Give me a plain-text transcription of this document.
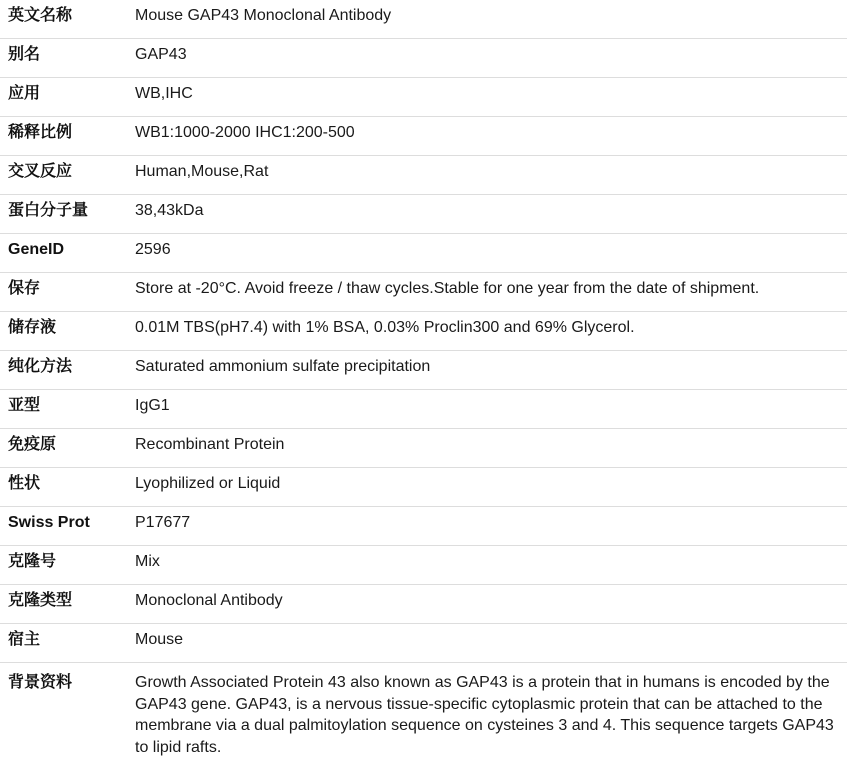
英文名称	Mouse GAP43 Monoclonal Antibody
别名	GAP43
应用	WB,IHC
稀释比例	WB1:1000-2000 IHC1:200-500
交叉反应	Human,Mouse,Rat
蛋白分子量	38,43kDa
GeneID	2596
保存	Store at -20°C. Avoid freeze / thaw cycles.Stable for one year from the date of shipment.
储存液	0.01M TBS(pH7.4) with 1% BSA, 0.03% Proclin300 and 69% Glycerol.
纯化方法	Saturated ammonium sulfate precipitation
亚型	IgG1
免疫原	Recombinant Protein
性状	Lyophilized or Liquid
Swiss Prot	P17677
克隆号	Mix
克隆类型	Monoclonal Antibody
宿主	Mouse
背景资料	Growth Associated Protein 43 also known as GAP43 is a protein that in humans is encoded by the GAP43 gene. GAP43, is a nervous tissue-specific cytoplasmic protein that can be attached to the membrane via a dual palmitoylation sequence on cysteines 3 and 4. This sequence targets GAP43 to lipid rafts.
